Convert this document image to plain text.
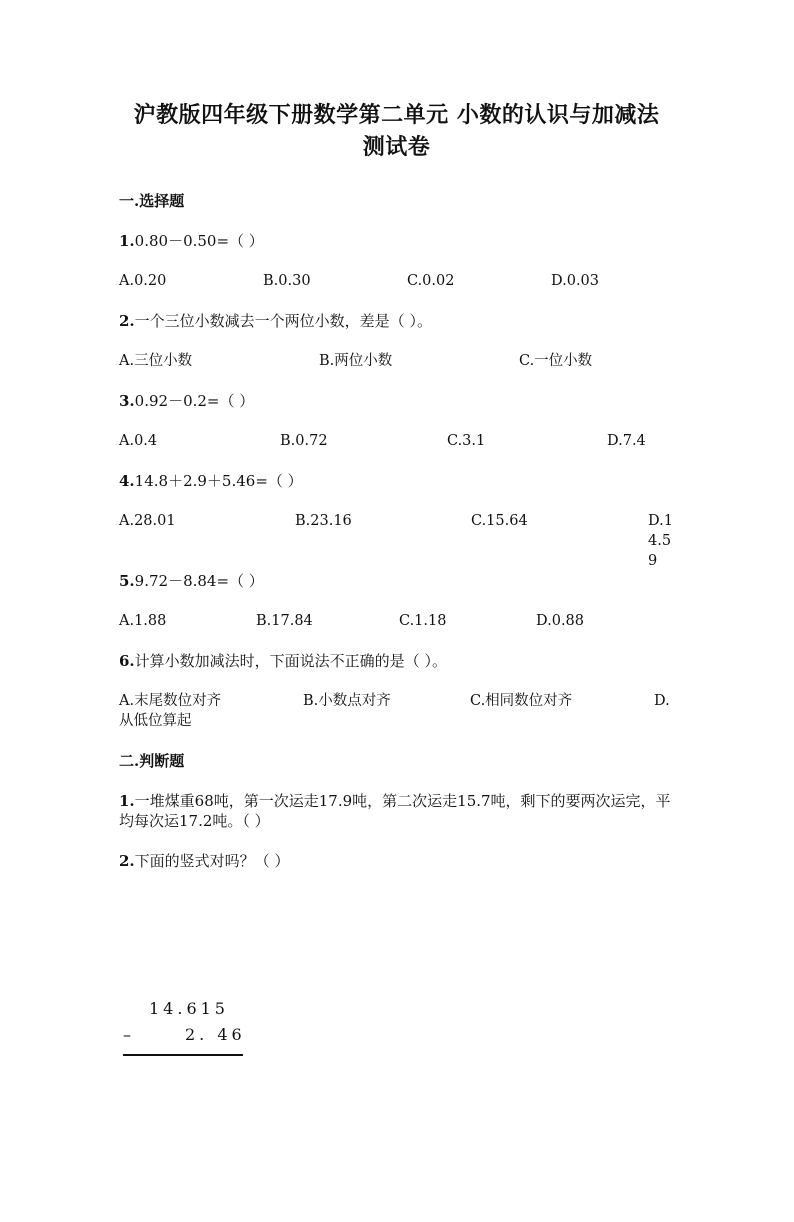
沪教版四年级下册数学第二单元 小数的认识与加减法 测试卷
一.选择题
1.0.80－0.50=（ ）
A.0.20	B.0.30	C.0.02	D.0.03
2.一个三位小数减去一个两位小数，差是（ ）。
A.三位小数	B.两位小数	C.一位小数
3.0.92－0.2=（ ）
A.0.4	B.0.72	C.3.1	D.7.4
4.14.8＋2.9＋5.46=（ ）
A.28.01	B.23.16	C.15.64	D.14.59
5.9.72－8.84=（ ）
A.1.88	B.17.84	C.1.18	D.0.88
6.计算小数加减法时，下面说法不正确的是（ ）。
A.末尾数位对齐	B.小数点对齐	C.相同数位对齐	D.从低位算起
二.判断题
1.一堆煤重68吨，第一次运走17.9吨，第二次运走15.7吨，剩下的要两次运完，平均每次运17.2吨。（ ）
2.下面的竖式对吗？（ ）
14.615
–	2. 46
